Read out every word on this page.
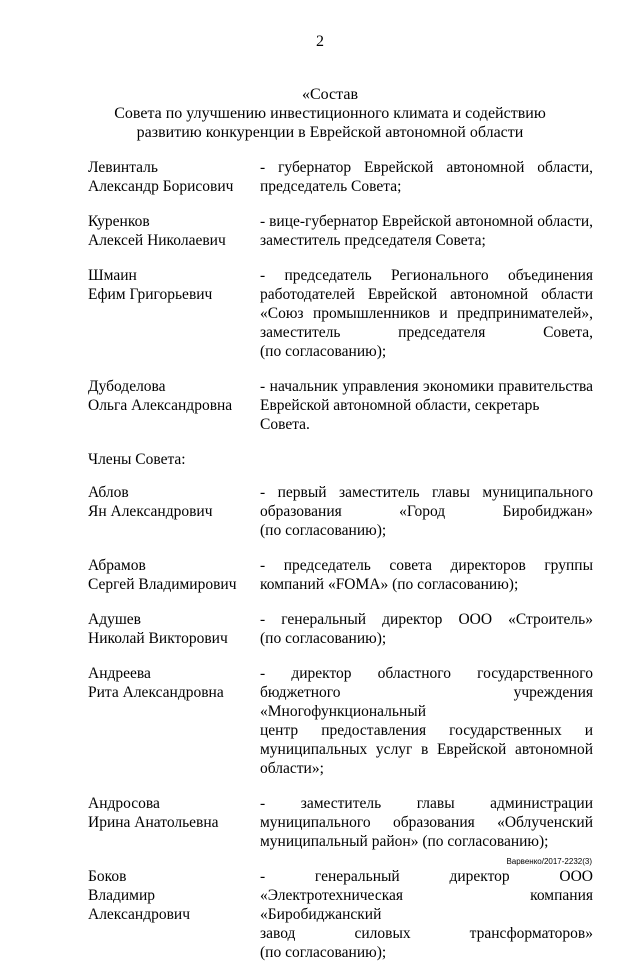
2
«Состав
Совета по улучшению инвестиционного климата и содействию
развитию конкуренции в Еврейской автономной области
Левинталь
Александр Борисович
- губернатор Еврейской автономной области,
председатель Совета;
Куренков
Алексей Николаевич
- вице-губернатор Еврейской автономной области,
заместитель председателя Совета;
Шмаин
Ефим Григорьевич
- председатель Регионального объединения
работодателей Еврейской автономной области
«Союз промышленников и предпринимателей»,
заместитель председателя Совета,
(по согласованию);
Дубоделова
Ольга Александровна
- начальник управления экономики правительства
Еврейской автономной области, секретарь Совета.
Члены Совета:
Аблов
Ян Александрович
- первый заместитель главы муниципального
образования «Город Биробиджан»
(по согласованию);
Абрамов
Сергей Владимирович
- председатель совета директоров группы
компаний «FOMA» (по согласованию);
Адушев
Николай Викторович
- генеральный директор ООО «Строитель»
(по согласованию);
Андреева
Рита Александровна
- директор областного государственного
бюджетного учреждения «Многофункциональный
центр предоставления государственных и
муниципальных услуг в Еврейской автономной
области»;
Андросова
Ирина Анатольевна
- заместитель главы администрации
муниципального образования «Облученский
муниципальный район» (по согласованию);
Боков
Владимир
Александрович
- генеральный директор ООО
«Электротехническая компания «Биробиджанский
завод силовых трансформаторов»
(по согласованию);
Варвенко/2017-2232(3)
